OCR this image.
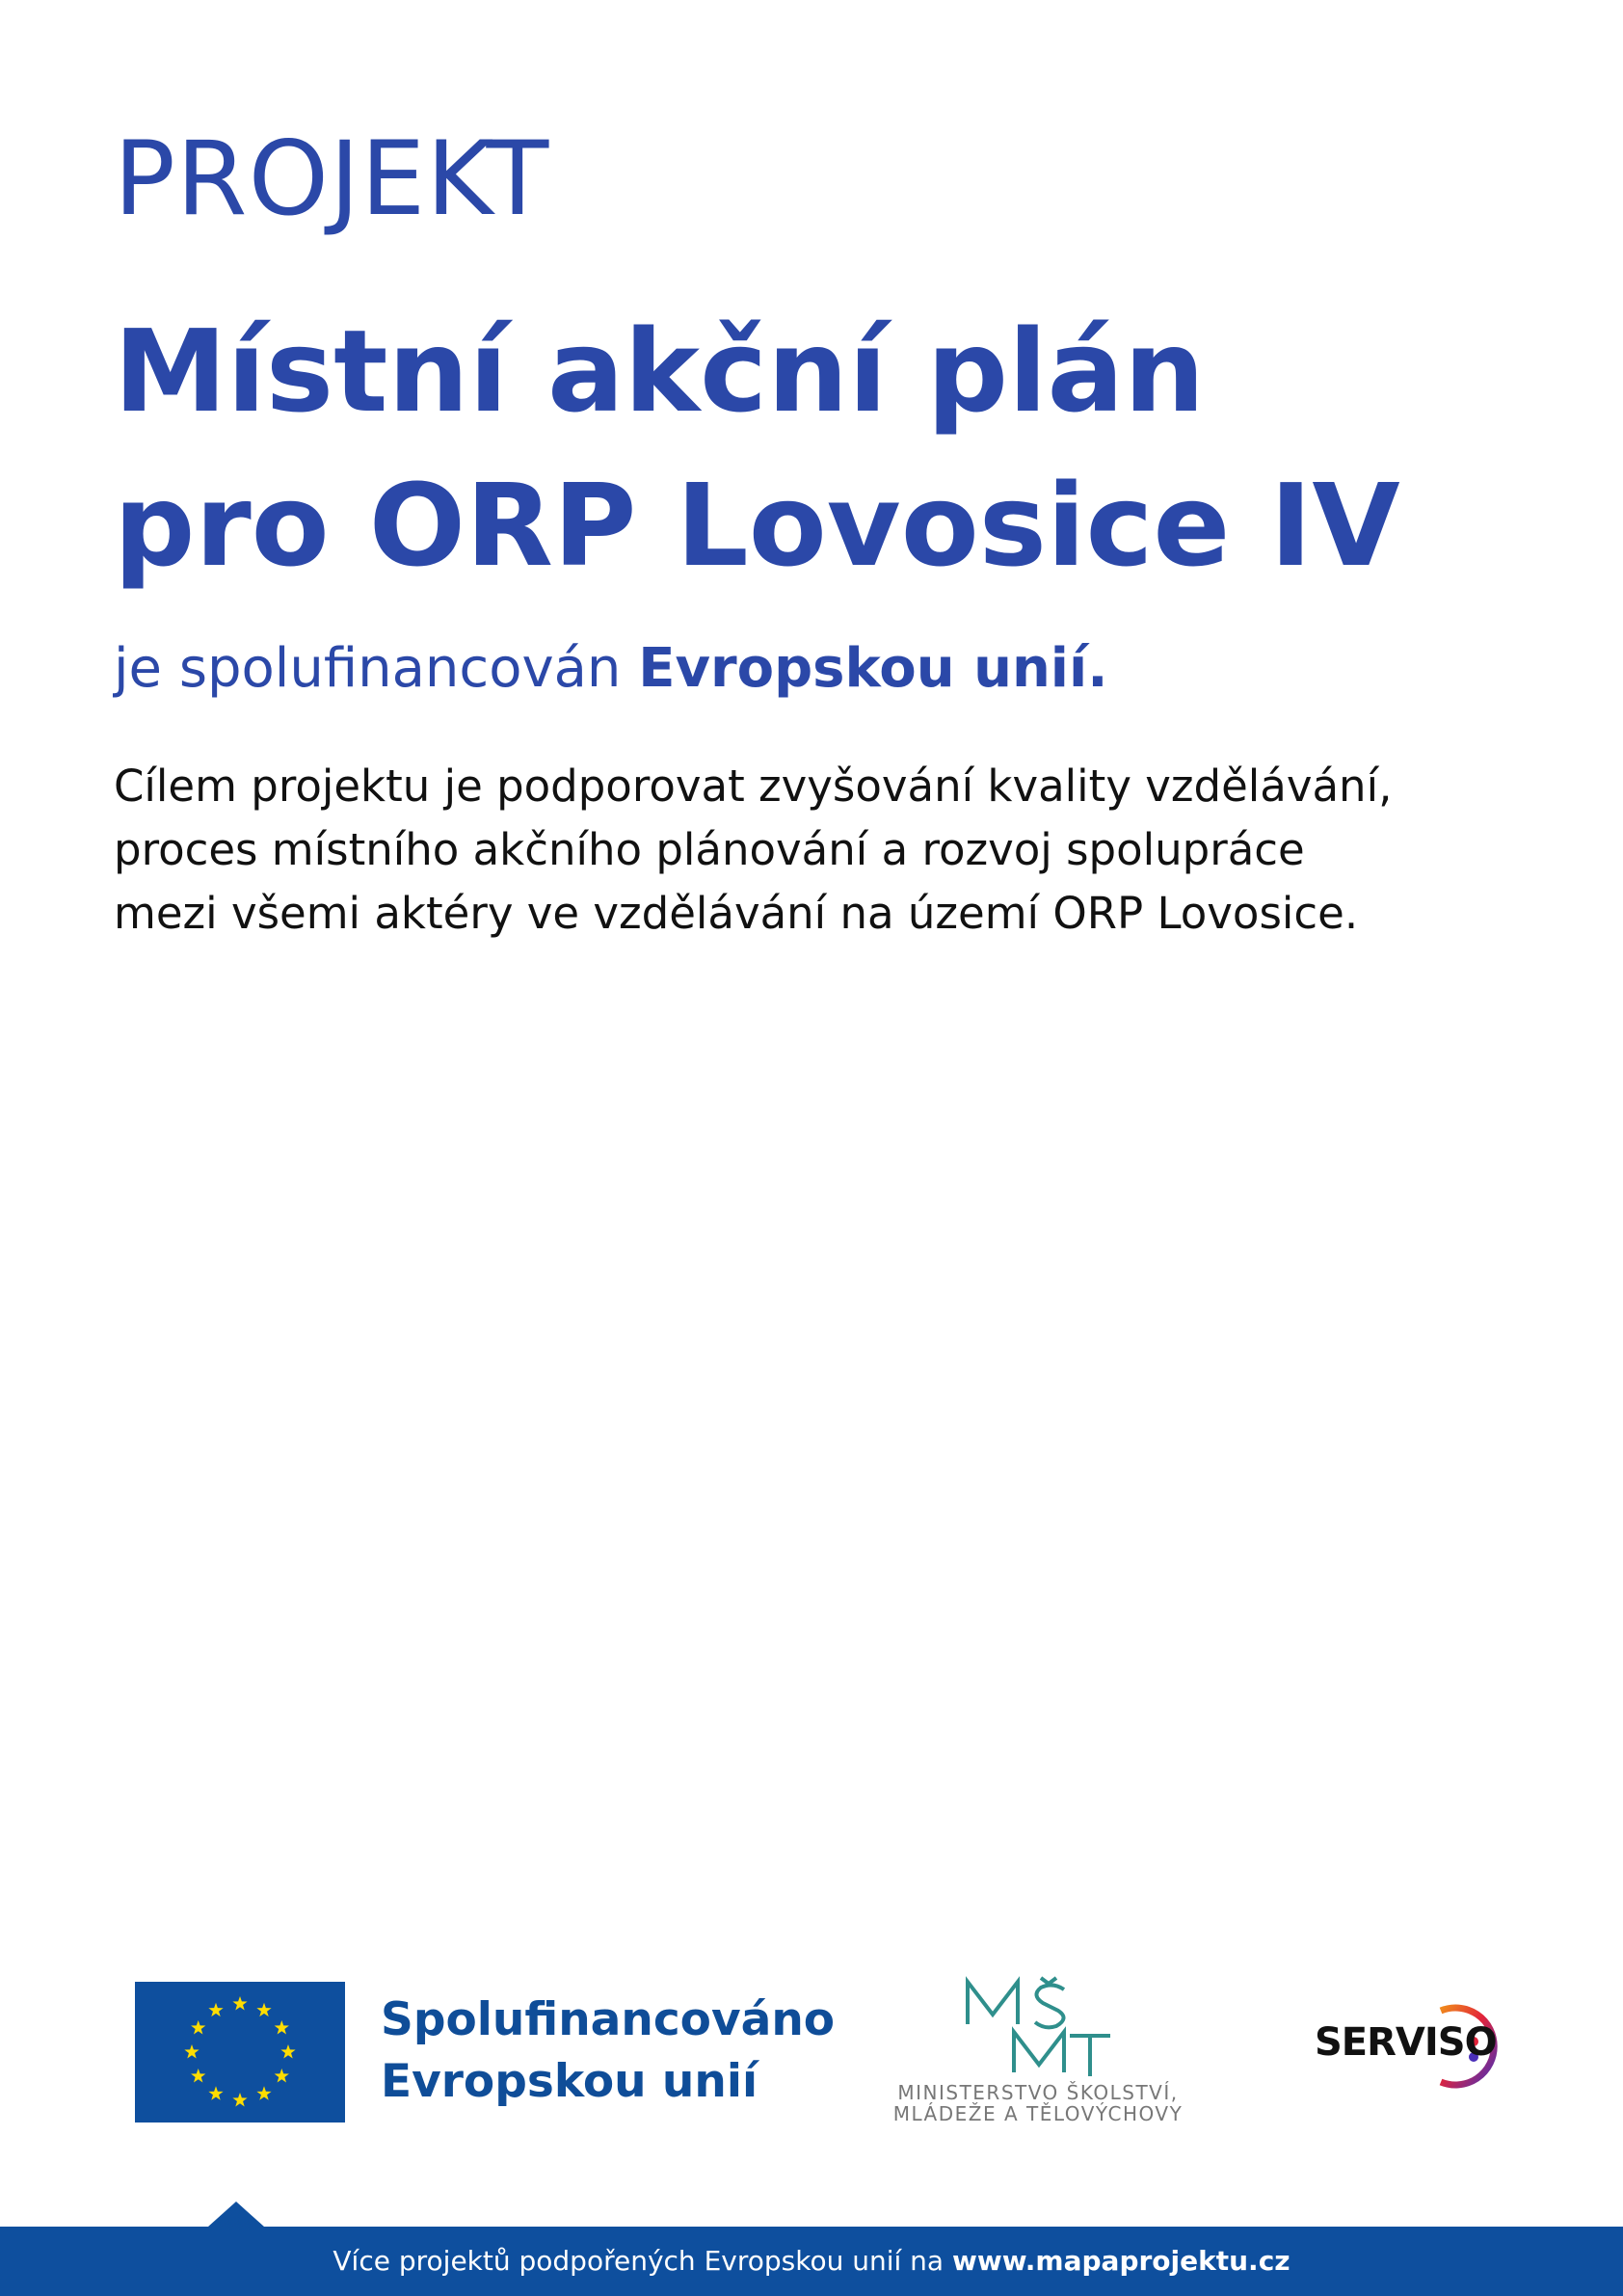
PROJEKT
Místní akční plán
pro ORP Lovosice IV
je spolufinancován Evropskou unií.

Cílem projektu je podporovat zvyšování kvality vzdělávání,
proces místního akčního plánování a rozvoj spolupráce
mezi všemi aktéry ve vzdělávání na území ORP Lovosice.

Spolufinancováno
Evropskou unií	MINISTERSTVO ŠKOLSTVÍ,
MLÁDEŽE A TĚLOVÝCHOVY
SERVISO
Více projektů podpořených Evropskou unií na www.mapaprojektu.cz
